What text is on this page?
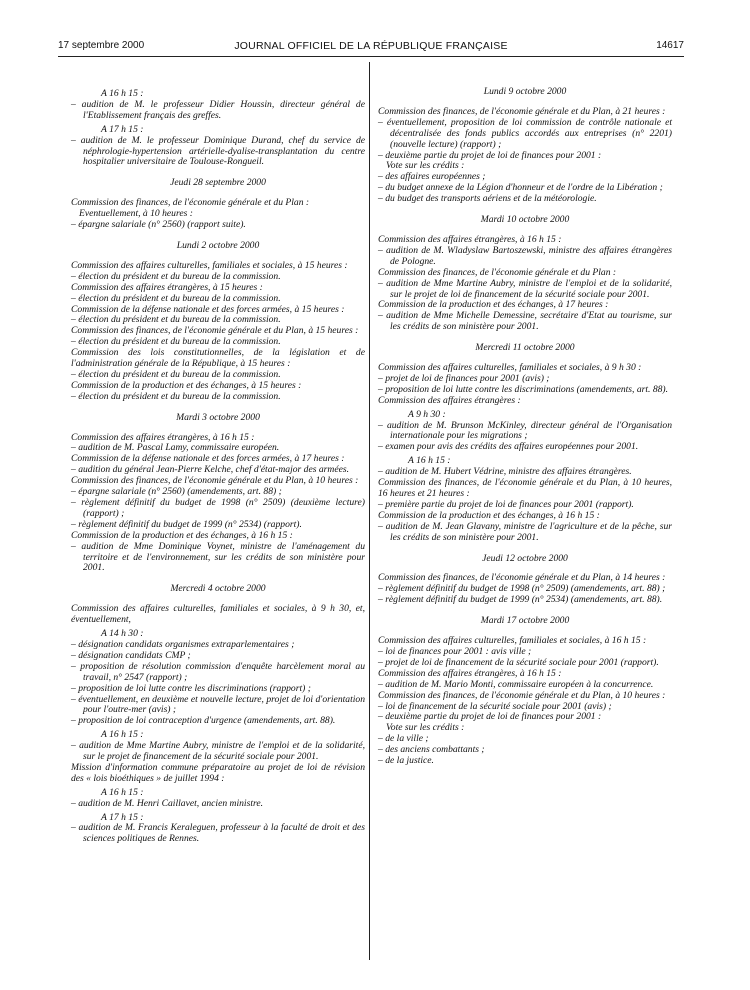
JOURNAL OFFICIEL DE LA RÉPUBLIQUE FRANÇAISE
17 septembre 2000	14617
A 16 h 15 :
– audition de M. le professeur Didier Houssin, directeur général de l'Etablissement français des greffes.
A 17 h 15 :
– audition de M. le professeur Dominique Durand, chef du service de néphrologie-hypertension artérielle-dyalise-transplantation du centre hospitalier universitaire de Toulouse-Rongueil.
Jeudi 28 septembre 2000
Commission des finances, de l'économie générale et du Plan :
Eventuellement, à 10 heures :
– épargne salariale (n° 2560) (rapport suite).
Lundi 2 octobre 2000
Commission des affaires culturelles, familiales et sociales, à 15 heures :
– élection du président et du bureau de la commission.
Commission des affaires étrangères, à 15 heures :
– élection du président et du bureau de la commission.
Commission de la défense nationale et des forces armées, à 15 heures :
– élection du président et du bureau de la commission.
Commission des finances, de l'économie générale et du Plan, à 15 heures :
– élection du président et du bureau de la commission.
Commission des lois constitutionnelles, de la législation et de l'administration générale de la République, à 15 heures :
– élection du président et du bureau de la commission.
Commission de la production et des échanges, à 15 heures :
– élection du président et du bureau de la commission.
Mardi 3 octobre 2000
Commission des affaires étrangères, à 16 h 15 :
– audition de M. Pascal Lamy, commissaire européen.
Commission de la défense nationale et des forces armées, à 17 heures :
– audition du général Jean-Pierre Kelche, chef d'état-major des armées.
Commission des finances, de l'économie générale et du Plan, à 10 heures :
– épargne salariale (n° 2560) (amendements, art. 88) ;
– règlement définitif du budget de 1998 (n° 2509) (deuxième lecture) (rapport) ;
– règlement définitif du budget de 1999 (n° 2534) (rapport).
Commission de la production et des échanges, à 16 h 15 :
– audition de Mme Dominique Voynet, ministre de l'aménagement du territoire et de l'environnement, sur les crédits de son ministère pour 2001.
Mercredi 4 octobre 2000
Commission des affaires culturelles, familiales et sociales, à 9 h 30, et, éventuellement,
A 14 h 30 :
– désignation candidats organismes extraparlementaires ;
– désignation candidats CMP ;
– proposition de résolution commission d'enquête harcèlement moral au travail, n° 2547 (rapport) ;
– proposition de loi lutte contre les discriminations (rapport) ;
– éventuellement, en deuxième et nouvelle lecture, projet de loi d'orientation pour l'outre-mer (avis) ;
– proposition de loi contraception d'urgence (amendements, art. 88).
A 16 h 15 :
– audition de Mme Martine Aubry, ministre de l'emploi et de la solidarité, sur le projet de financement de la sécurité sociale pour 2001.
Mission d'information commune préparatoire au projet de loi de révision des « lois bioéthiques » de juillet 1994 :
A 16 h 15 :
– audition de M. Henri Caillavet, ancien ministre.
A 17 h 15 :
– audition de M. Francis Keraleguen, professeur à la faculté de droit et des sciences politiques de Rennes.
Lundi 9 octobre 2000
Commission des finances, de l'économie générale et du Plan, à 21 heures :
– éventuellement, proposition de loi commission de contrôle nationale et décentralisée des fonds publics accordés aux entreprises (n° 2201) (nouvelle lecture) (rapport) ;
– deuxième partie du projet de loi de finances pour 2001 :
Vote sur les crédits :
– des affaires européennes ;
– du budget annexe de la Légion d'honneur et de l'ordre de la Libération ;
– du budget des transports aériens et de la météorologie.
Mardi 10 octobre 2000
Commission des affaires étrangères, à 16 h 15 :
– audition de M. Wladyslaw Bartoszewski, ministre des affaires étrangères de Pologne.
Commission des finances, de l'économie générale et du Plan :
– audition de Mme Martine Aubry, ministre de l'emploi et de la solidarité, sur le projet de loi de financement de la sécurité sociale pour 2001.
Commission de la production et des échanges, à 17 heures :
– audition de Mme Michelle Demessine, secrétaire d'Etat au tourisme, sur les crédits de son ministère pour 2001.
Mercredi 11 octobre 2000
Commission des affaires culturelles, familiales et sociales, à 9 h 30 :
– projet de loi de finances pour 2001 (avis) ;
– proposition de loi lutte contre les discriminations (amendements, art. 88).
Commission des affaires étrangères :
A 9 h 30 :
– audition de M. Brunson McKinley, directeur général de l'Organisation internationale pour les migrations ;
– examen pour avis des crédits des affaires européennes pour 2001.
A 16 h 15 :
– audition de M. Hubert Védrine, ministre des affaires étrangères.
Commission des finances, de l'économie générale et du Plan, à 10 heures, 16 heures et 21 heures :
– première partie du projet de loi de finances pour 2001 (rapport).
Commission de la production et des échanges, à 16 h 15 :
– audition de M. Jean Glavany, ministre de l'agriculture et de la pêche, sur les crédits de son ministère pour 2001.
Jeudi 12 octobre 2000
Commission des finances, de l'économie générale et du Plan, à 14 heures :
– règlement définitif du budget de 1998 (n° 2509) (amendements, art. 88) ;
– règlement définitif du budget de 1999 (n° 2534) (amendements, art. 88).
Mardi 17 octobre 2000
Commission des affaires culturelles, familiales et sociales, à 16 h 15 :
– loi de finances pour 2001 : avis ville ;
– projet de loi de financement de la sécurité sociale pour 2001 (rapport).
Commission des affaires étrangères, à 16 h 15 :
– audition de M. Mario Monti, commissaire européen à la concurrence.
Commission des finances, de l'économie générale et du Plan, à 10 heures :
– loi de financement de la sécurité sociale pour 2001 (avis) ;
– deuxième partie du projet de loi de finances pour 2001 :
Vote sur les crédits :
– de la ville ;
– des anciens combattants ;
– de la justice.
